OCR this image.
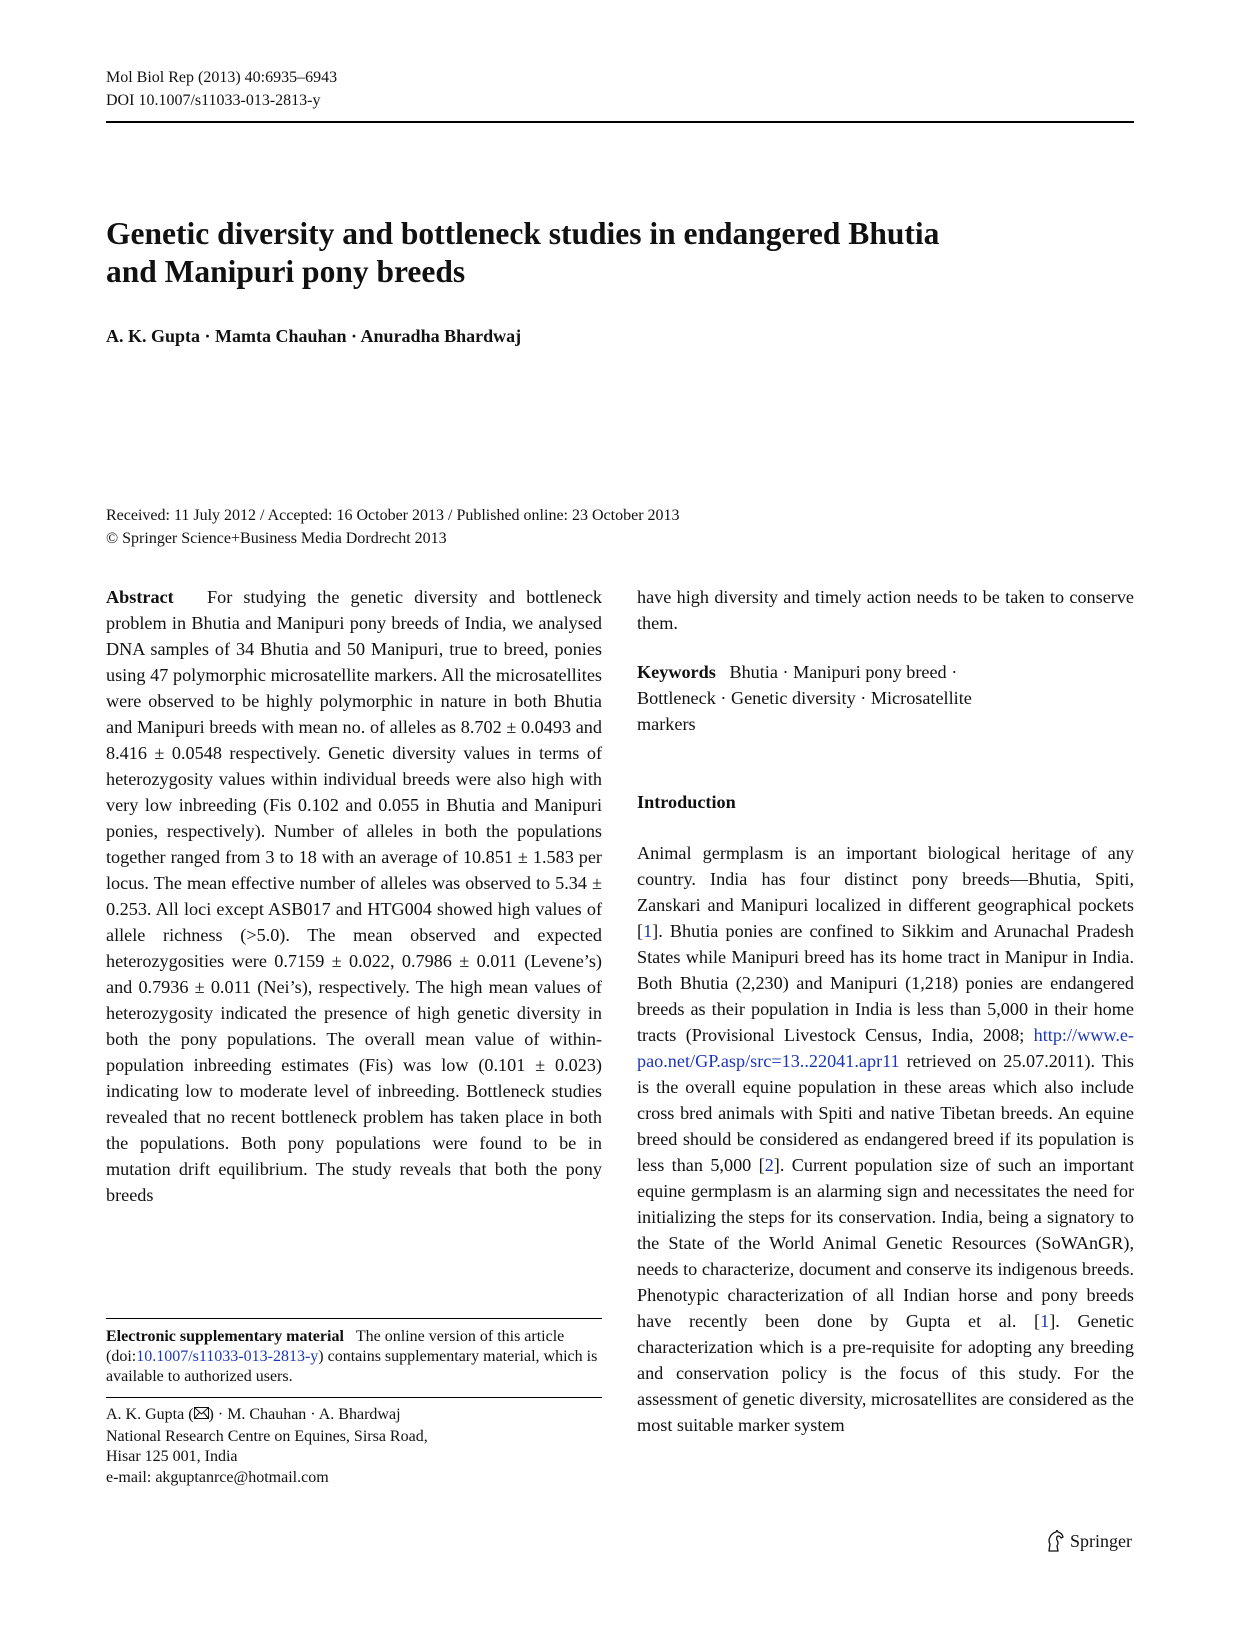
Mol Biol Rep (2013) 40:6935–6943
DOI 10.1007/s11033-013-2813-y
Genetic diversity and bottleneck studies in endangered Bhutia
and Manipuri pony breeds
A. K. Gupta · Mamta Chauhan · Anuradha Bhardwaj
Received: 11 July 2012 / Accepted: 16 October 2013 / Published online: 23 October 2013
© Springer Science+Business Media Dordrecht 2013

Abstract For studying the genetic diversity and bottleneck problem in Bhutia and Manipuri pony breeds of India, we analysed DNA samples of 34 Bhutia and 50 Manipuri, true to breed, ponies using 47 polymorphic microsatellite markers. All the microsatellites were observed to be highly polymorphic in nature in both Bhutia and Manipuri breeds with mean no. of alleles as 8.702 ± 0.0493 and 8.416 ± 0.0548 respectively. Genetic diversity values in terms of heterozygosity values within individual breeds were also high with very low inbreeding (Fis 0.102 and 0.055 in Bhutia and Manipuri ponies, respectively). Number of alleles in both the populations together ranged from 3 to 18 with an average of 10.851 ± 1.583 per locus. The mean effective number of alleles was observed to 5.34 ± 0.253. All loci except ASB017 and HTG004 showed high values of allele richness (>5.0). The mean observed and expected heterozygosities were 0.7159 ± 0.022, 0.7986 ± 0.011 (Levene’s) and 0.7936 ± 0.011 (Nei’s), respectively. The high mean values of heterozygosity indicated the presence of high genetic diversity in both the pony populations. The overall mean value of within-population inbreeding estimates (Fis) was low (0.101 ± 0.023) indicating low to moderate level of inbreeding. Bottleneck studies revealed that no recent bottleneck problem has taken place in both the populations. Both pony populations were found to be in mutation drift equilibrium. The study reveals that both the pony breeds

Electronic supplementary material The online version of this article (doi:10.1007/s11033-013-2813-y) contains supplementary material, which is available to authorized users.
A. K. Gupta ( ) · M. Chauhan · A. Bhardwaj
National Research Centre on Equines, Sirsa Road,
Hisar 125 001, India
e-mail: akguptanrce@hotmail.com

have high diversity and timely action needs to be taken to conserve them.

Keywords Bhutia · Manipuri pony breed ·
Bottleneck · Genetic diversity · Microsatellite
markers
Introduction

Animal germplasm is an important biological heritage of any country. India has four distinct pony breeds—Bhutia, Spiti, Zanskari and Manipuri localized in different geographical pockets [1]. Bhutia ponies are confined to Sikkim and Arunachal Pradesh States while Manipuri breed has its home tract in Manipur in India. Both Bhutia (2,230) and Manipuri (1,218) ponies are endangered breeds as their population in India is less than 5,000 in their home tracts (Provisional Livestock Census, India, 2008; http://www.e-pao.net/GP.asp/src=13..22041.apr11 retrieved on 25.07.2011). This is the overall equine population in these areas which also include cross bred animals with Spiti and native Tibetan breeds. An equine breed should be considered as endangered breed if its population is less than 5,000 [2]. Current population size of such an important equine germplasm is an alarming sign and necessitates the need for initializing the steps for its conservation. India, being a signatory to the State of the World Animal Genetic Resources (SoWAnGR), needs to characterize, document and conserve its indigenous breeds. Phenotypic characterization of all Indian horse and pony breeds have recently been done by Gupta et al. [1]. Genetic characterization which is a pre-requisite for adopting any breeding and conservation policy is the focus of this study. For the assessment of genetic diversity, microsatellites are considered as the most suitable marker system

Springer
